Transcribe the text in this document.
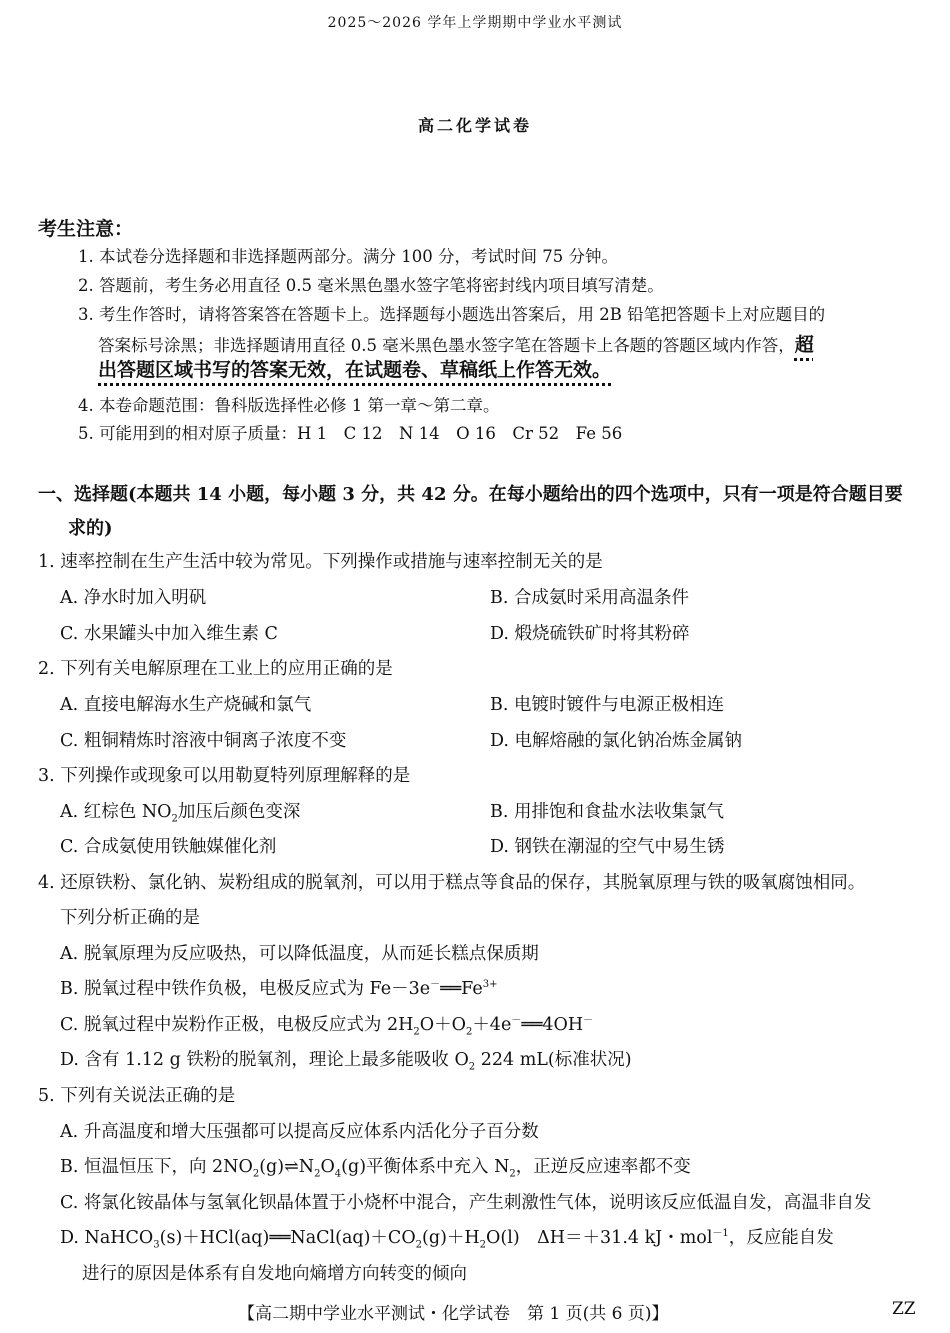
2025～2026 学年上学期期中学业水平测试
高二化学试卷
考生注意：
1. 本试卷分选择题和非选择题两部分。满分 100 分，考试时间 75 分钟。
2. 答题前，考生务必用直径 0.5 毫米黑色墨水签字笔将密封线内项目填写清楚。
3. 考生作答时，请将答案答在答题卡上。选择题每小题选出答案后，用 2B 铅笔把答题卡上对应题目的
答案标号涂黑；非选择题请用直径 0.5 毫米黑色墨水签字笔在答题卡上各题的答题区域内作答，超
出答题区域书写的答案无效，在试题卷、草稿纸上作答无效。
4. 本卷命题范围：鲁科版选择性必修 1 第一章～第二章。
5. 可能用到的相对原子质量：H 1　C 12　N 14　O 16　Cr 52　Fe 56
一、选择题(本题共 14 小题，每小题 3 分，共 42 分。在每小题给出的四个选项中，只有一项是符合题目要
求的)
1. 速率控制在生产生活中较为常见。下列操作或措施与速率控制无关的是
A. 净水时加入明矾	B. 合成氨时采用高温条件
C. 水果罐头中加入维生素 C	D. 煅烧硫铁矿时将其粉碎
2. 下列有关电解原理在工业上的应用正确的是
A. 直接电解海水生产烧碱和氯气	B. 电镀时镀件与电源正极相连
C. 粗铜精炼时溶液中铜离子浓度不变	D. 电解熔融的氯化钠冶炼金属钠
3. 下列操作或现象可以用勒夏特列原理解释的是
A. 红棕色 $NO_2$加压后颜色变深	B. 用排饱和食盐水法收集氯气
C. 合成氨使用铁触媒催化剂	D. 钢铁在潮湿的空气中易生锈
4. 还原铁粉、氯化钠、炭粉组成的脱氧剂，可以用于糕点等食品的保存，其脱氧原理与铁的吸氧腐蚀相同。
下列分析正确的是
A. 脱氧原理为反应吸热，可以降低温度，从而延长糕点保质期
B. 脱氧过程中铁作负极，电极反应式为 $Fe-3e^-══Fe^{3+}$
C. 脱氧过程中炭粉作正极，电极反应式为 $2H_2O+O_2+4e^-══4OH^-$
D. 含有 1.12 g 铁粉的脱氧剂，理论上最多能吸收 $O_2$ 224 mL(标准状况)
5. 下列有关说法正确的是
A. 升高温度和增大压强都可以提高反应体系内活化分子百分数
B. 恒温恒压下，向 $2NO_2(g)\rightleftharpoons N_2O_4(g)$平衡体系中充入 $N_2$，正逆反应速率都不变
C. 将氯化铵晶体与氢氧化钡晶体置于小烧杯中混合，产生刺激性气体，说明该反应低温自发，高温非自发
D. $NaHCO_3(s)+HCl(aq)══NaCl(aq)+CO_2(g)+H_2O(l)$　ΔH＝＋31.4 kJ・mol$^{-1}$，反应能自发
进行的原因是体系有自发地向熵增方向转变的倾向
【高二期中学业水平测试・化学试卷　第 1 页(共 6 页)】	ZZ
